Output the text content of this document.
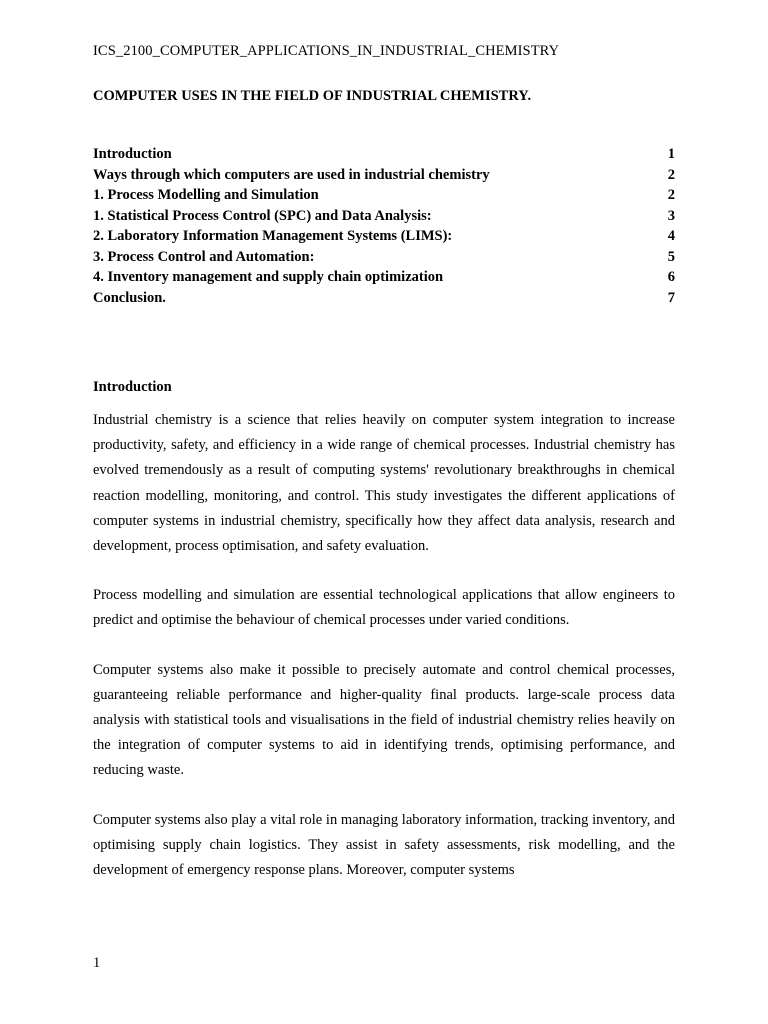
ICS_2100_COMPUTER_APPLICATIONS_IN_INDUSTRIAL_CHEMISTRY
COMPUTER USES IN THE FIELD OF INDUSTRIAL CHEMISTRY.
Introduction	1
Ways through which computers are used in industrial chemistry	2
1. Process Modelling and Simulation	2
1. Statistical Process Control (SPC) and Data Analysis:	3
2. Laboratory Information Management Systems (LIMS):	4
3. Process Control and Automation:	5
4. Inventory management and supply chain optimization	6
Conclusion.	7
Introduction

Industrial chemistry is a science that relies heavily on computer system integration to increase productivity, safety, and efficiency in a wide range of chemical processes. Industrial chemistry has evolved tremendously as a result of computing systems' revolutionary breakthroughs in chemical reaction modelling, monitoring, and control. This study investigates the different applications of computer systems in industrial chemistry, specifically how they affect data analysis, research and development, process optimisation, and safety evaluation.

Process modelling and simulation are essential technological applications that allow engineers to predict and optimise the behaviour of chemical processes under varied conditions.

Computer systems also make it possible to precisely automate and control chemical processes, guaranteeing reliable performance and higher-quality final products. large-scale process data analysis with statistical tools and visualisations in the field of industrial chemistry relies heavily on the integration of computer systems to aid in identifying trends, optimising performance, and reducing waste.

Computer systems also play a vital role in managing laboratory information, tracking inventory, and optimising supply chain logistics. They assist in safety assessments, risk modelling, and the development of emergency response plans. Moreover, computer systems

1
